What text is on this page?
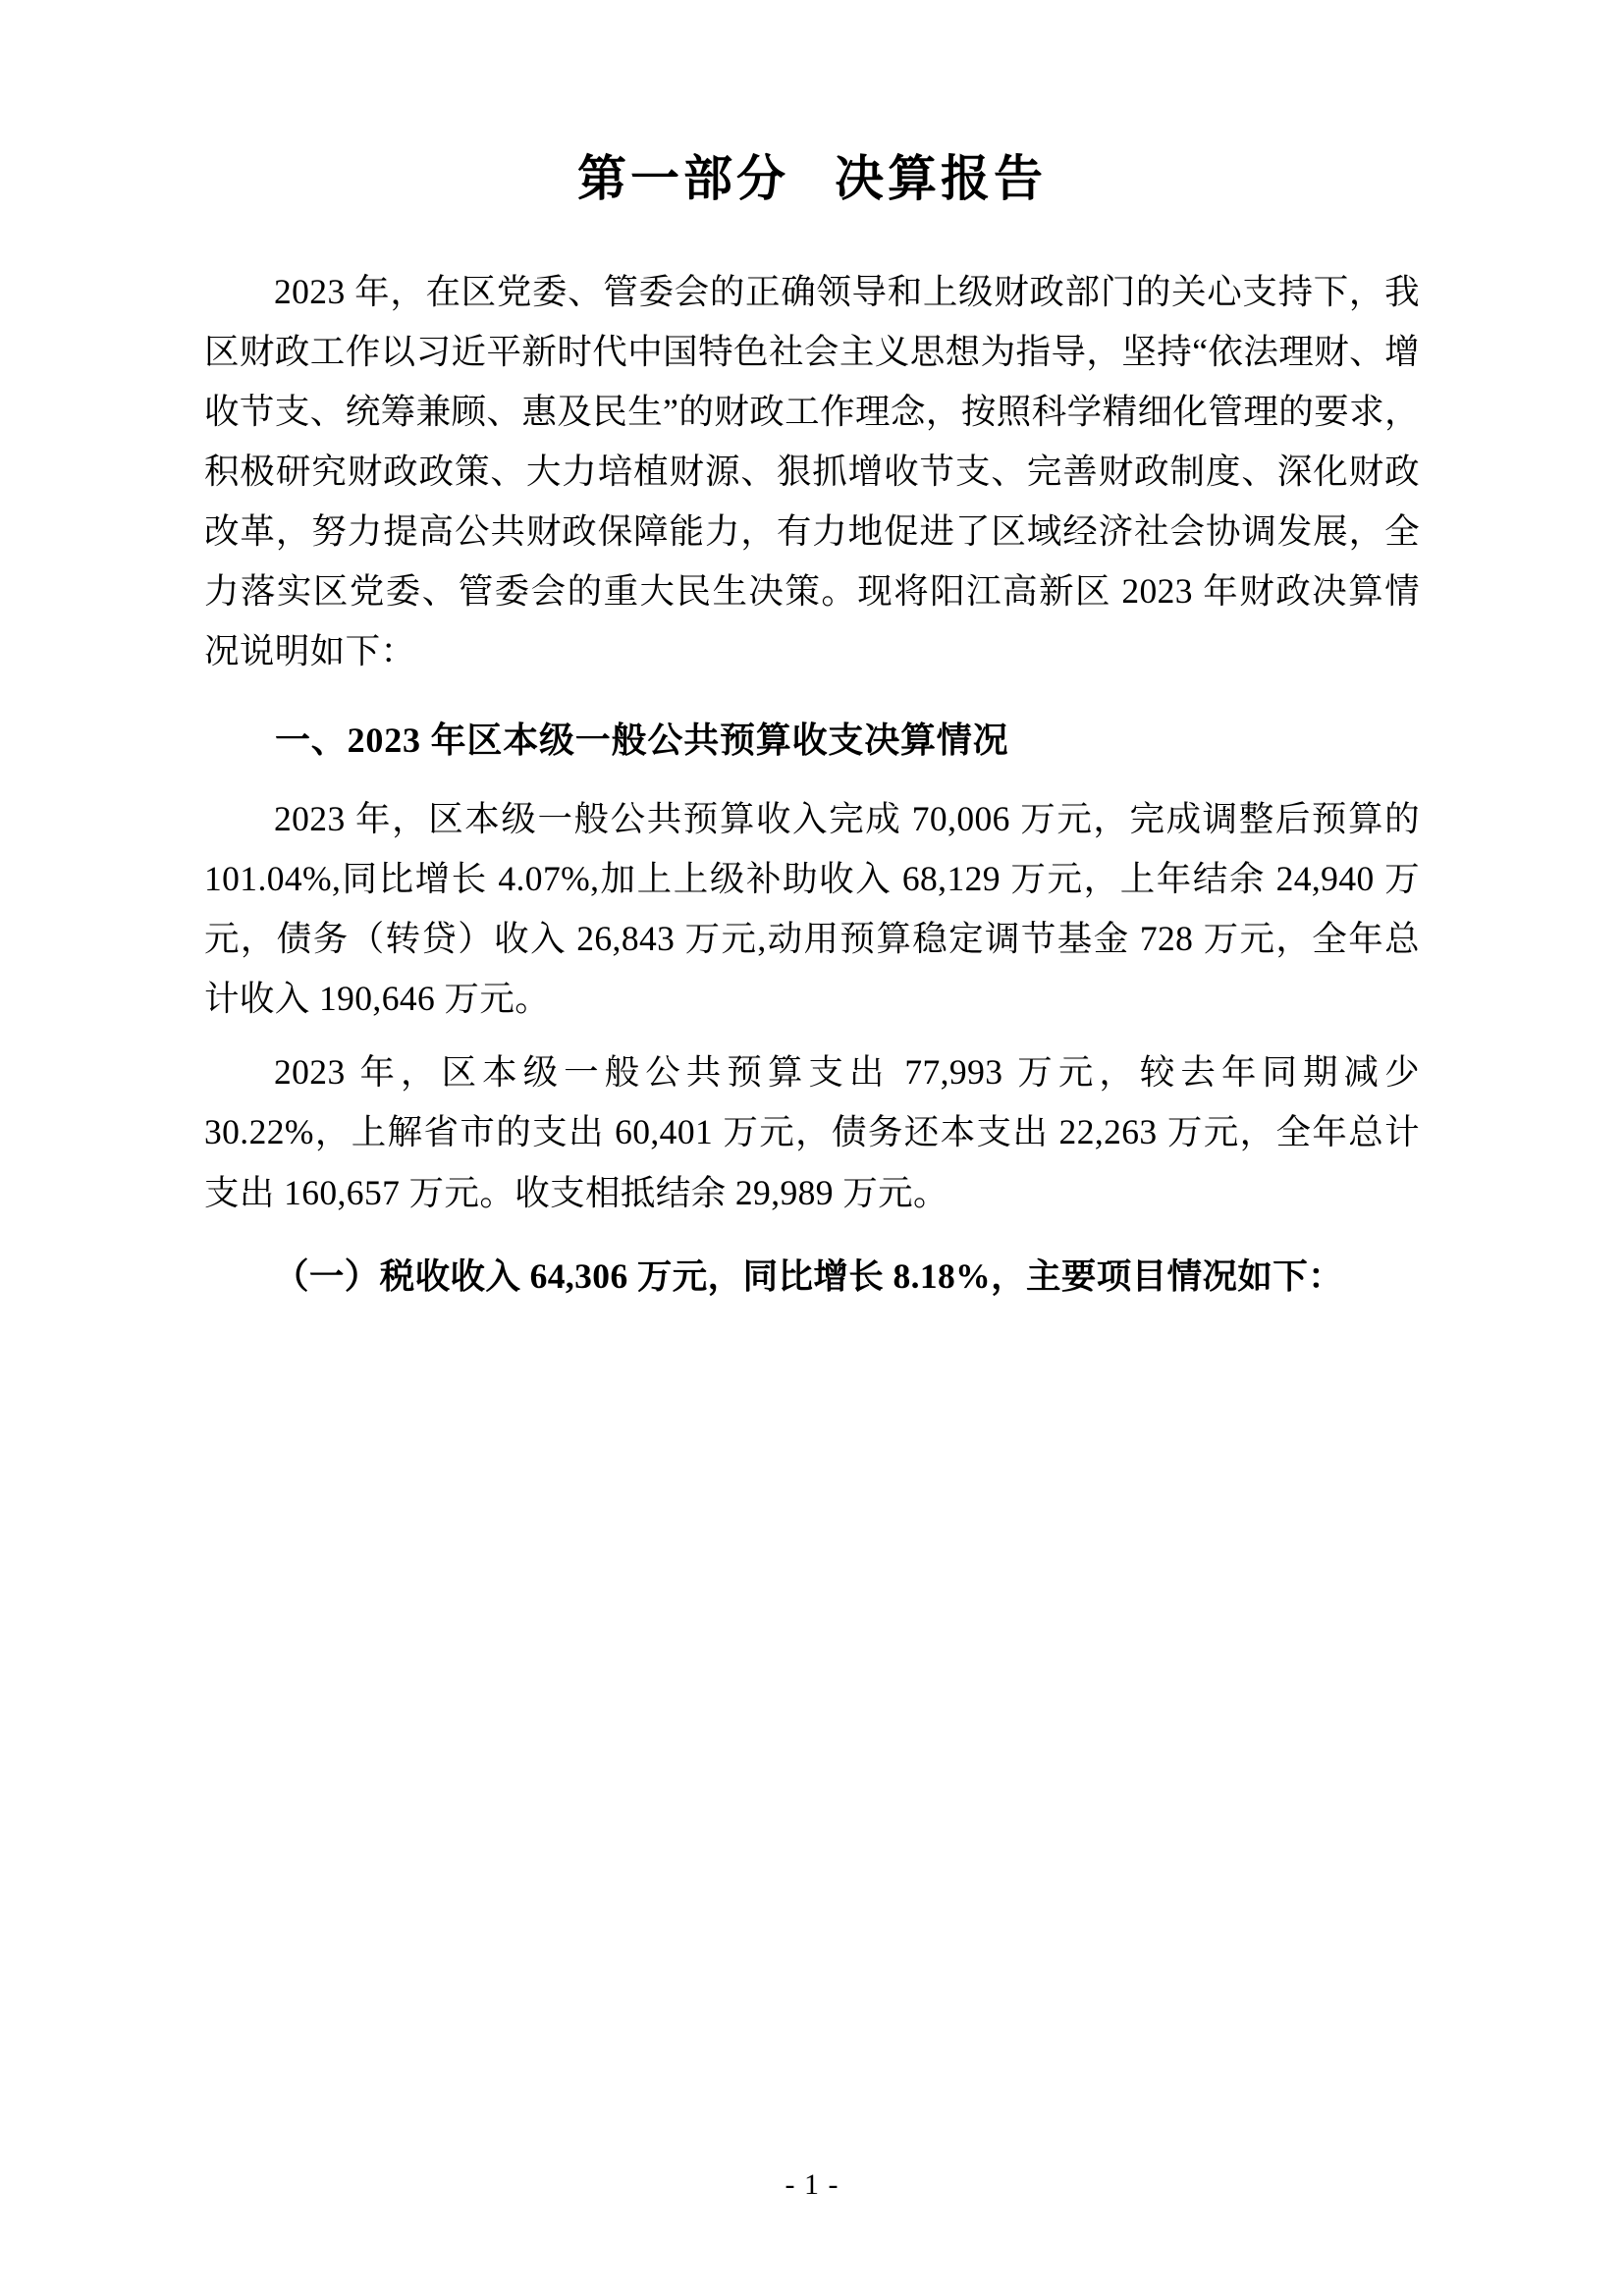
第一部分 决算报告

2023 年，在区党委、管委会的正确领导和上级财政部门的关心支持下，我区财政工作以习近平新时代中国特色社会主义思想为指导，坚持“依法理财、增收节支、统筹兼顾、惠及民生”的财政工作理念，按照科学精细化管理的要求，积极研究财政政策、大力培植财源、狠抓增收节支、完善财政制度、深化财政改革，努力提高公共财政保障能力，有力地促进了区域经济社会协调发展，全力落实区党委、管委会的重大民生决策。现将阳江高新区 2023 年财政决算情况说明如下：

一、2023 年区本级一般公共预算收支决算情况

2023 年，区本级一般公共预算收入完成 70,006 万元，完成调整后预算的 101.04%,同比增长 4.07%,加上上级补助收入 68,129 万元，上年结余 24,940 万元，债务（转贷）收入 26,843 万元,动用预算稳定调节基金 728 万元，全年总计收入 190,646 万元。

2023 年，区本级一般公共预算支出 77,993 万元，较去年同期减少 30.22%，上解省市的支出 60,401 万元，债务还本支出 22,263 万元，全年总计支出 160,657 万元。收支相抵结余 29,989 万元。

（一）税收收入 64,306 万元，同比增长 8.18%，主要项目情况如下：

- 1 -
